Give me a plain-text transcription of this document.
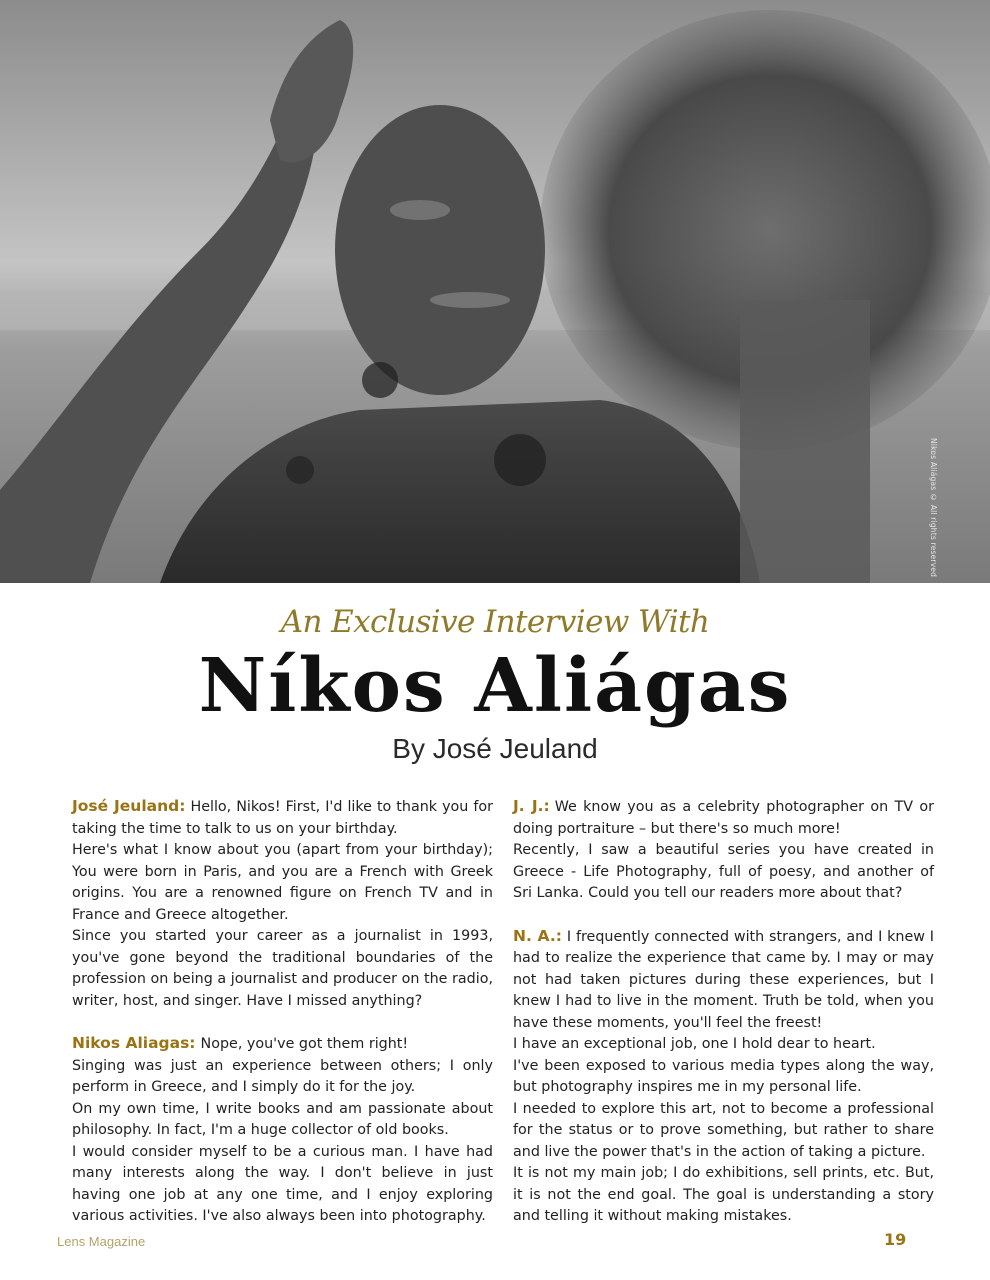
Nikos Aliágas © All rights reserved
An Exclusive Interview With
Níkos Aliágas
By José Jeuland

José Jeuland: Hello, Nikos! First, I'd like to thank you for taking the time to talk to us on your birthday.

Here's what I know about you (apart from your birthday); You were born in Paris, and you are a French with Greek origins. You are a renowned figure on French TV and in France and Greece altogether.

Since you started your career as a journalist in 1993, you've gone beyond the traditional boundaries of the profession on being a journalist and producer on the radio, writer, host, and singer. Have I missed anything?

Nikos Aliagas: Nope, you've got them right!

Singing was just an experience between others; I only perform in Greece, and I simply do it for the joy.

On my own time, I write books and am passionate about philosophy. In fact, I'm a huge collector of old books.

I would consider myself to be a curious man. I have had many interests along the way. I don't believe in just having one job at any one time, and I enjoy exploring various activities. I've also always been into photography.

J. J.: We know you as a celebrity photographer on TV or doing portraiture – but there's so much more!

Recently, I saw a beautiful series you have created in Greece - Life Photography, full of poesy, and another of Sri Lanka. Could you tell our readers more about that?

N. A.: I frequently connected with strangers, and I knew I had to realize the experience that came by. I may or may not had taken pictures during these experiences, but I knew I had to live in the moment. Truth be told, when you have these moments, you'll feel the freest!

I have an exceptional job, one I hold dear to heart.

I've been exposed to various media types along the way, but photography inspires me in my personal life.

I needed to explore this art, not to become a professional for the status or to prove something, but rather to share and live the power that's in the action of taking a picture.

It is not my main job; I do exhibitions, sell prints, etc. But, it is not the end goal. The goal is understanding a story and telling it without making mistakes.

Lens Magazine	19
